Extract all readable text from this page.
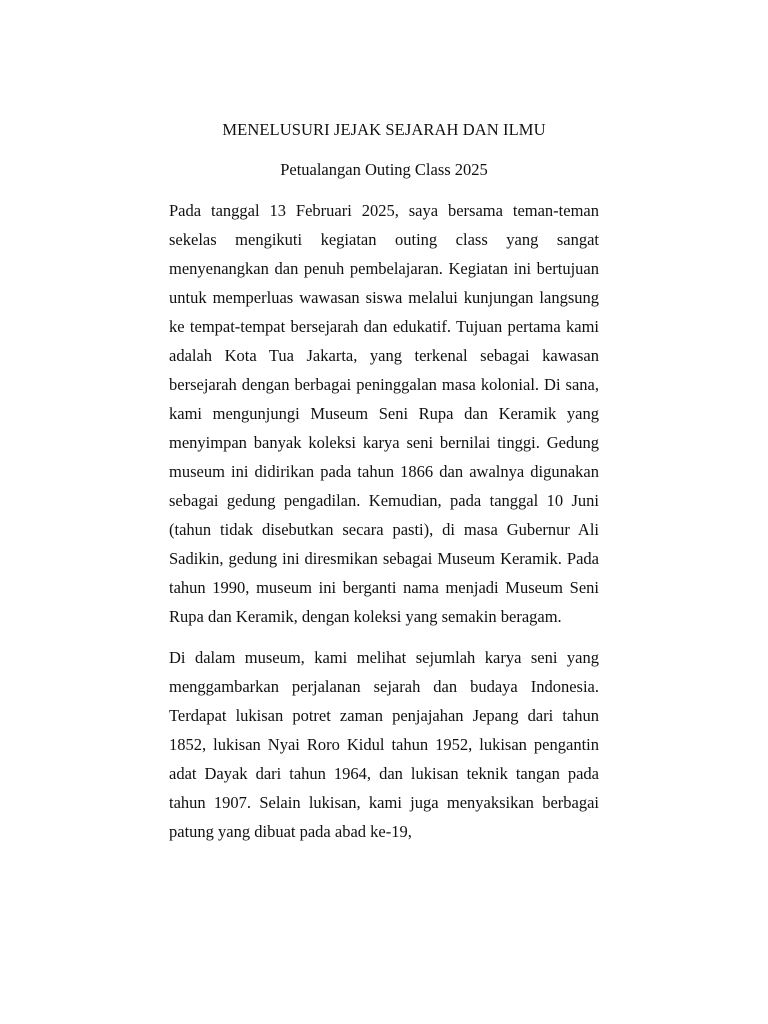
MENELUSURI JEJAK SEJARAH DAN ILMU
Petualangan Outing Class 2025

Pada tanggal 13 Februari 2025, saya bersama teman-teman sekelas mengikuti kegiatan outing class yang sangat menyenangkan dan penuh pembelajaran. Kegiatan ini bertujuan untuk memperluas wawasan siswa melalui kunjungan langsung ke tempat-tempat bersejarah dan edukatif. Tujuan pertama kami adalah Kota Tua Jakarta, yang terkenal sebagai kawasan bersejarah dengan berbagai peninggalan masa kolonial. Di sana, kami mengunjungi Museum Seni Rupa dan Keramik yang menyimpan banyak koleksi karya seni bernilai tinggi. Gedung museum ini didirikan pada tahun 1866 dan awalnya digunakan sebagai gedung pengadilan. Kemudian, pada tanggal 10 Juni (tahun tidak disebutkan secara pasti), di masa Gubernur Ali Sadikin, gedung ini diresmikan sebagai Museum Keramik. Pada tahun 1990, museum ini berganti nama menjadi Museum Seni Rupa dan Keramik, dengan koleksi yang semakin beragam.

Di dalam museum, kami melihat sejumlah karya seni yang menggambarkan perjalanan sejarah dan budaya Indonesia. Terdapat lukisan potret zaman penjajahan Jepang dari tahun 1852, lukisan Nyai Roro Kidul tahun 1952, lukisan pengantin adat Dayak dari tahun 1964, dan lukisan teknik tangan pada tahun 1907. Selain lukisan, kami juga menyaksikan berbagai patung yang dibuat pada abad ke-19,
